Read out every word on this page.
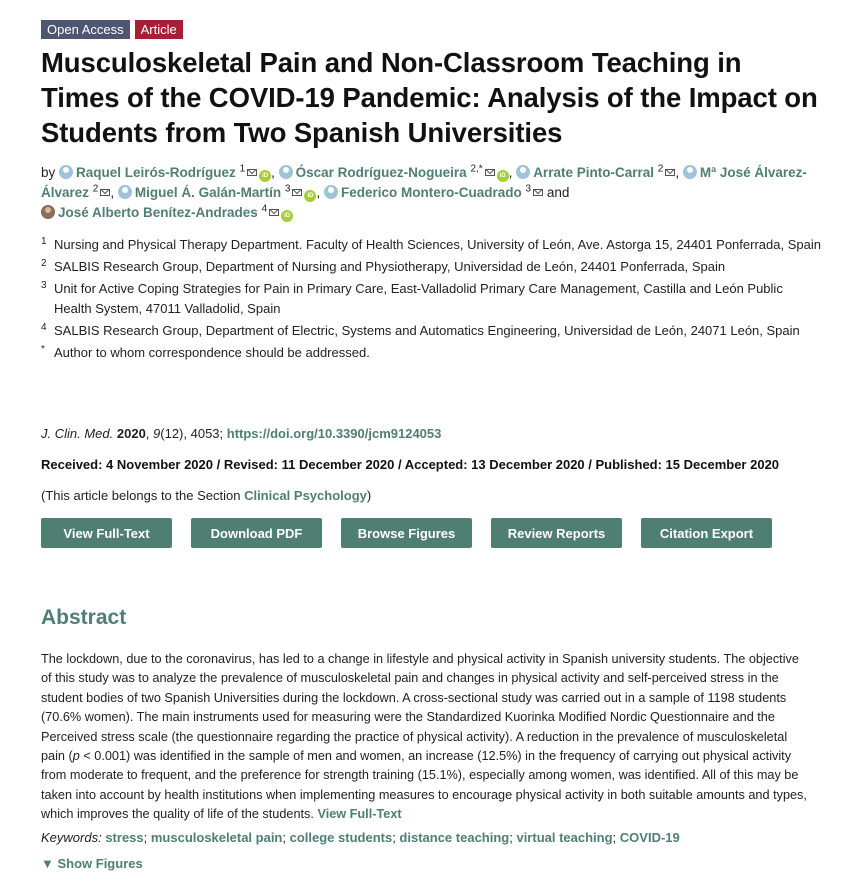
Open Access	Article
Musculoskeletal Pain and Non-Classroom Teaching in Times of the COVID-19 Pandemic: Analysis of the Impact on Students from Two Spanish Universities
by Raquel Leirós-Rodríguez $^1$iD , Óscar Rodríguez-Nogueira $^{2,*}$iD , Arrate Pinto-Carral $^2$ , Mª José Álvarez-Álvarez $^2$ , Miguel Á. Galán-Martín $^3$iD , Federico Montero-Cuadrado $^3$ and
José Alberto Benítez-Andrades $^4$iD
1 Nursing and Physical Therapy Department. Faculty of Health Sciences, University of León, Ave. Astorga 15, 24401 Ponferrada, Spain
2 SALBIS Research Group, Department of Nursing and Physiotherapy, Universidad de León, 24401 Ponferrada, Spain
3 Unit for Active Coping Strategies for Pain in Primary Care, East-Valladolid Primary Care Management, Castilla and León Public Health System, 47011 Valladolid, Spain
4 SALBIS Research Group, Department of Electric, Systems and Automatics Engineering, Universidad de León, 24071 León, Spain
* Author to whom correspondence should be addressed.
J. Clin. Med. 2020, 9(12), 4053; https://doi.org/10.3390/jcm9124053
Received: 4 November 2020 / Revised: 11 December 2020 / Accepted: 13 December 2020 / Published: 15 December 2020
(This article belongs to the Section Clinical Psychology)
View Full-Text	Download PDF	Browse Figures	Review Reports	Citation Export
Abstract

The lockdown, due to the coronavirus, has led to a change in lifestyle and physical activity in Spanish university students. The objective of this study was to analyze the prevalence of musculoskeletal pain and changes in physical activity and self-perceived stress in the student bodies of two Spanish Universities during the lockdown. A cross-sectional study was carried out in a sample of 1198 students (70.6% women). The main instruments used for measuring were the Standardized Kuorinka Modified Nordic Questionnaire and the Perceived stress scale (the questionnaire regarding the practice of physical activity). A reduction in the prevalence of musculoskeletal pain (p < 0.001) was identified in the sample of men and women, an increase (12.5%) in the frequency of carrying out physical activity from moderate to frequent, and the preference for strength training (15.1%), especially among women, was identified. All of this may be taken into account by health institutions when implementing measures to encourage physical activity in both suitable amounts and types, which improves the quality of life of the students. View Full-Text

Keywords: stress; musculoskeletal pain; college students; distance teaching; virtual teaching; COVID-19
▼ Show Figures
